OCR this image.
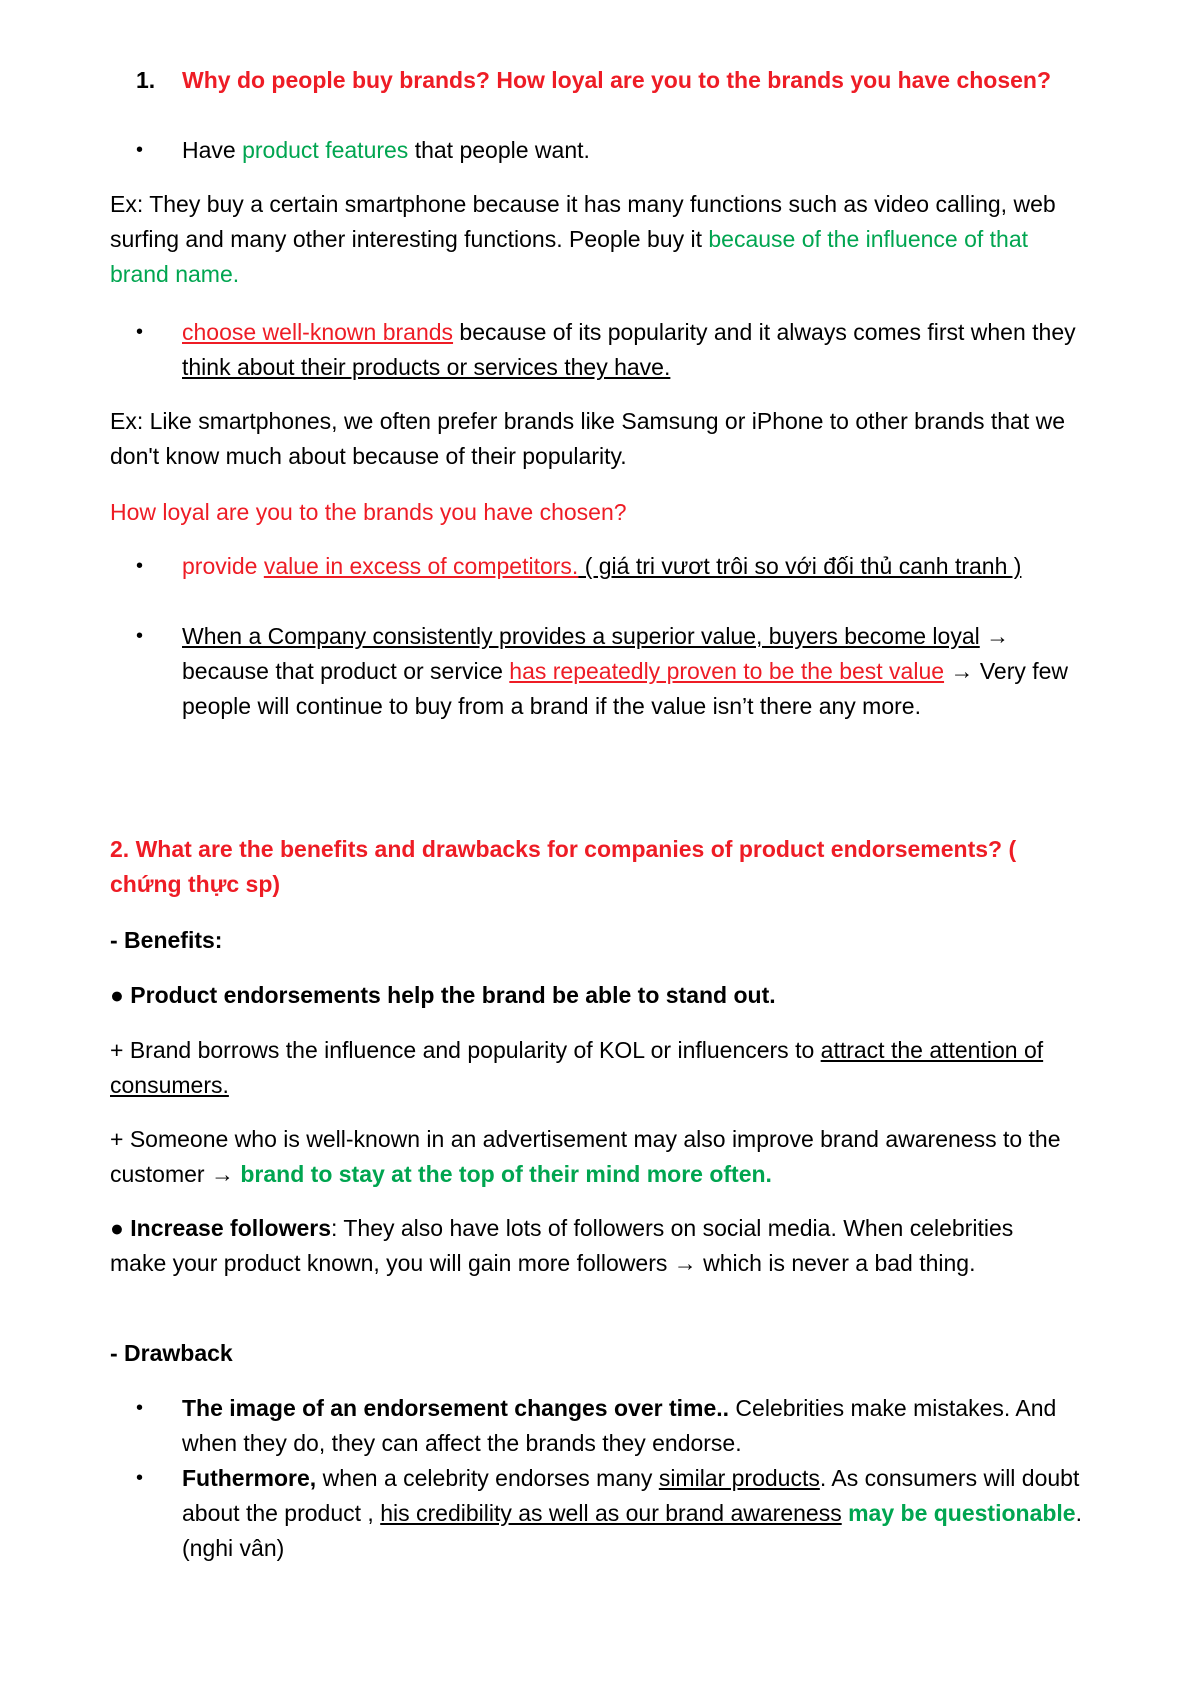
1.	Why do people buy brands? How loyal are you to the brands you have chosen?

•	Have product features that people want.

Ex: They buy a certain smartphone because it has many functions such as video calling, web surfing and many other interesting functions. People buy it because of the influence of that brand name.

•	choose well-known brands because of its popularity and it always comes first when they think about their products or services they have.

Ex: Like smartphones, we often prefer brands like Samsung or iPhone to other brands that we don't know much about because of their popularity.

How loyal are you to the brands you have chosen?

•	provide value in excess of competitors. ( giá tri vươt trôi so với đối thủ canh tranh )

•	When a Company consistently provides a superior value, buyers become loyal → because that product or service has repeatedly proven to be the best value → Very few people will continue to buy from a brand if the value isn’t there any more.

2. What are the benefits and drawbacks for companies of product endorsements? ( chứng thực sp)

- Benefits:

● Product endorsements help the brand be able to stand out.

+ Brand borrows the influence and popularity of KOL or influencers to attract the attention of consumers.

+ Someone who is well-known in an advertisement may also improve brand awareness to the customer → brand to stay at the top of their mind more often.

● Increase followers: They also have lots of followers on social media. When celebrities make your product known, you will gain more followers → which is never a bad thing.

- Drawback

•	The image of an endorsement changes over time.. Celebrities make mistakes. And when they do, they can affect the brands they endorse.

•	Futhermore, when a celebrity endorses many similar products. As consumers will doubt about the product , his credibility as well as our brand awareness may be questionable. (nghi vân)
